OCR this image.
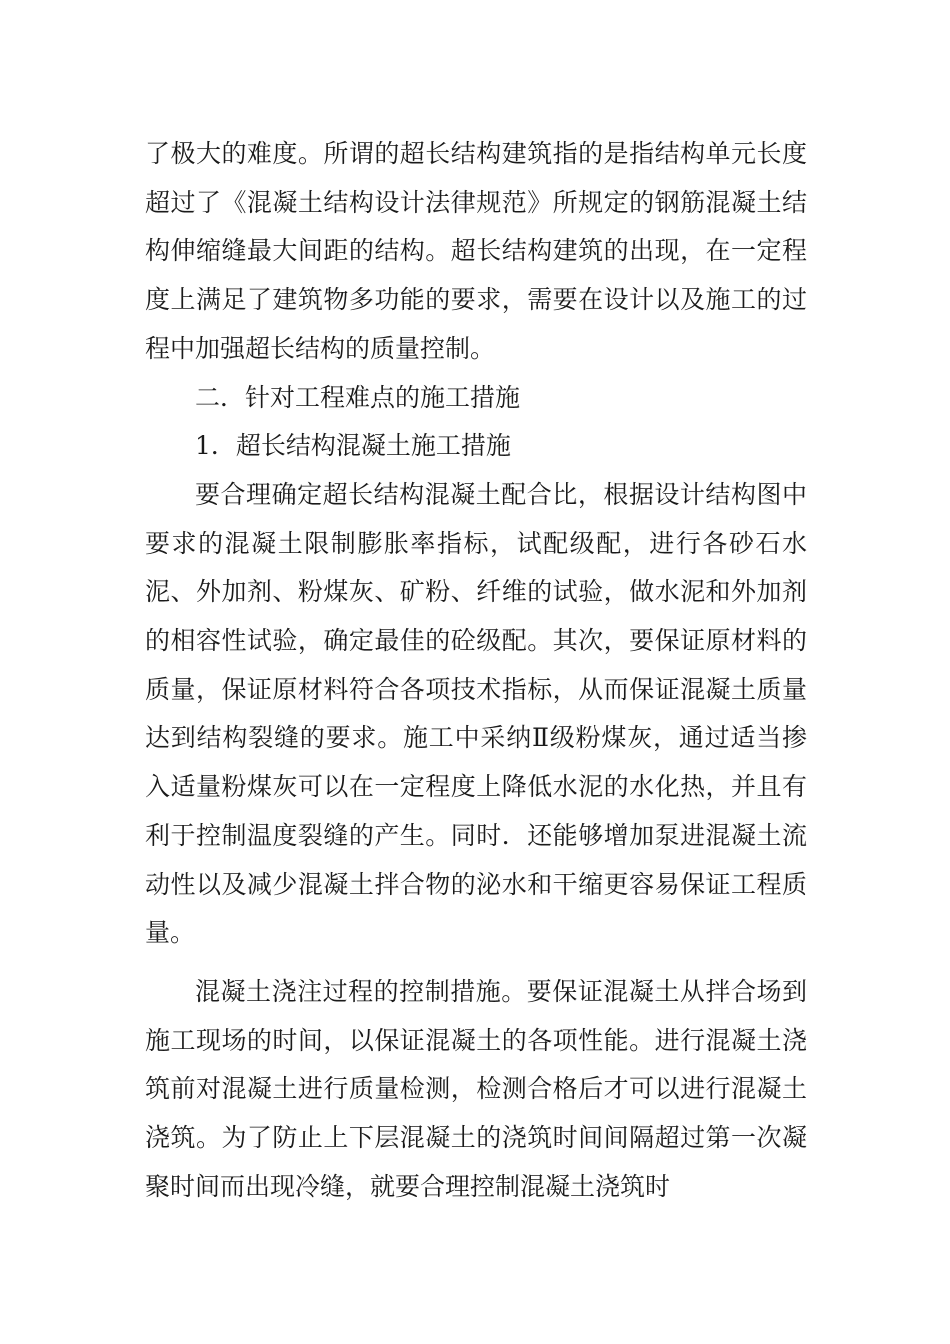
了极大的难度。所谓的超长结构建筑指的是指结构单元长度超过了《混凝土结构设计法律规范》所规定的钢筋混凝土结构伸缩缝最大间距的结构。超长结构建筑的出现，在一定程度上满足了建筑物多功能的要求，需要在设计以及施工的过程中加强超长结构的质量控制。

二．针对工程难点的施工措施

1．超长结构混凝土施工措施

要合理确定超长结构混凝土配合比，根据设计结构图中要求的混凝土限制膨胀率指标，试配级配，进行各砂石水泥、外加剂、粉煤灰、矿粉、纤维的试验，做水泥和外加剂的相容性试验，确定最佳的砼级配。其次，要保证原材料的质量，保证原材料符合各项技术指标，从而保证混凝土质量达到结构裂缝的要求。施工中采纳Ⅱ级粉煤灰，通过适当掺入适量粉煤灰可以在一定程度上降低水泥的水化热，并且有利于控制温度裂缝的产生。同时．还能够增加泵进混凝土流动性以及减少混凝土拌合物的泌水和干缩更容易保证工程质量。

混凝土浇注过程的控制措施。要保证混凝土从拌合场到施工现场的时间，以保证混凝土的各项性能。进行混凝土浇筑前对混凝土进行质量检测，检测合格后才可以进行混凝土浇筑。为了防止上下层混凝土的浇筑时间间隔超过第一次凝聚时间而出现冷缝，就要合理控制混凝土浇筑时
